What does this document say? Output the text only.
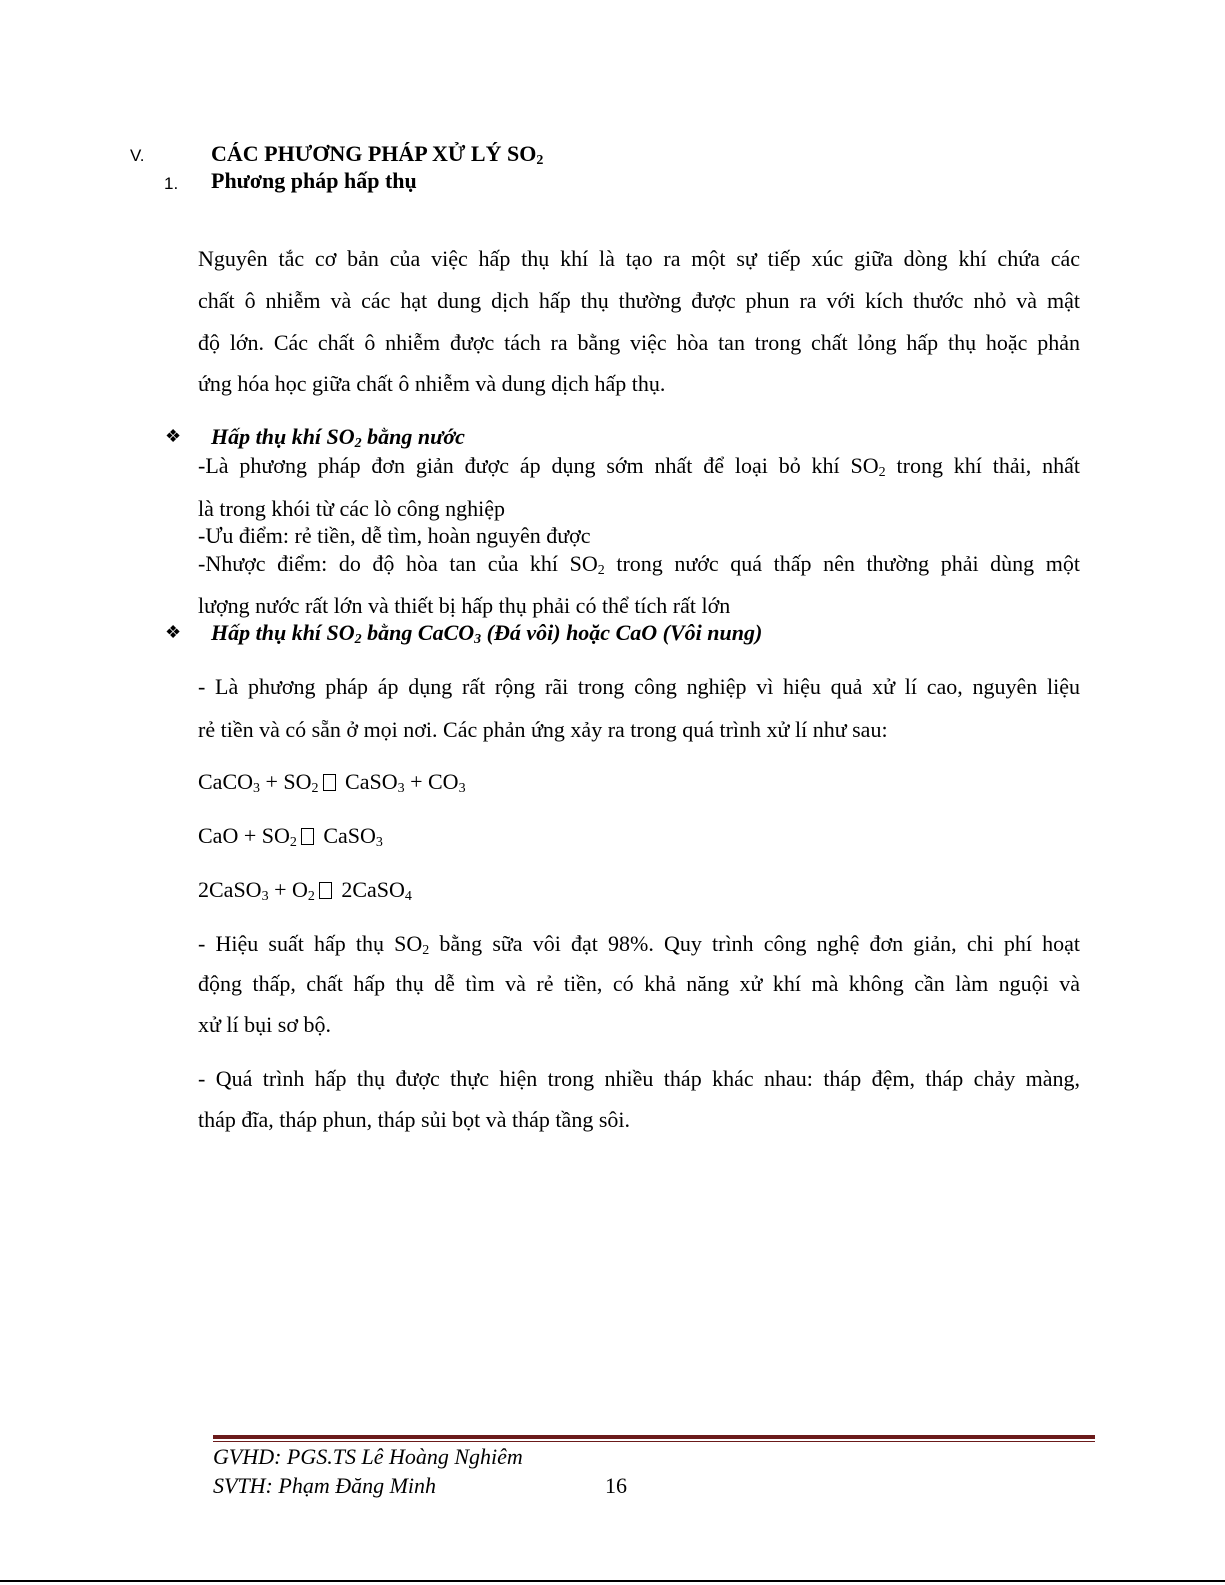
V.	CÁC PHƯƠNG PHÁP XỬ LÝ $SO_2$
1. Phương pháp hấp thụ
Nguyên tắc cơ bản của việc hấp thụ khí là tạo ra một sự tiếp xúc giữa dòng khí chứa các
chất ô nhiễm và các hạt dung dịch hấp thụ thường được phun ra với kích thước nhỏ và mật
độ lớn. Các chất ô nhiễm được tách ra bằng việc hòa tan trong chất lỏng hấp thụ hoặc phản
ứng hóa học giữa chất ô nhiễm và dung dịch hấp thụ.
❖ Hấp thụ khí $SO_2$ bằng nước
-Là phương pháp đơn giản được áp dụng sớm nhất để loại bỏ khí $SO_2$ trong khí thải, nhất
là trong khói từ các lò công nghiệp
-Ưu điểm: rẻ tiền, dễ tìm, hoàn nguyên được
-Nhược điểm: do độ hòa tan của khí $SO_2$ trong nước quá thấp nên thường phải dùng một
lượng nước rất lớn và thiết bị hấp thụ phải có thể tích rất lớn
❖ Hấp thụ khí $SO_2$ bằng CaCO$_3$ (Đá vôi) hoặc CaO (Vôi nung)
- Là phương pháp áp dụng rất rộng rãi trong công nghiệp vì hiệu quả xử lí cao, nguyên liệu
rẻ tiền và có sẵn ở mọi nơi. Các phản ứng xảy ra trong quá trình xử lí như sau:
CaCO$_3$ + $SO_2$ CaSO$_3$ + $CO_3$
CaO + $SO_2$ CaSO$_3$
2CaSO$_3$ + $O_2$ 2CaSO$_4$
- Hiệu suất hấp thụ $SO_2$ bằng sữa vôi đạt 98%. Quy trình công nghệ đơn giản, chi phí hoạt
động thấp, chất hấp thụ dễ tìm và rẻ tiền, có khả năng xử khí mà không cần làm nguội và
xử lí bụi sơ bộ.
- Quá trình hấp thụ được thực hiện trong nhiều tháp khác nhau: tháp đệm, tháp chảy màng,
tháp đĩa, tháp phun, tháp sủi bọt và tháp tầng sôi.
GVHD: PGS.TS Lê Hoàng Nghiêm
SVTH: Phạm Đăng Minh	16
